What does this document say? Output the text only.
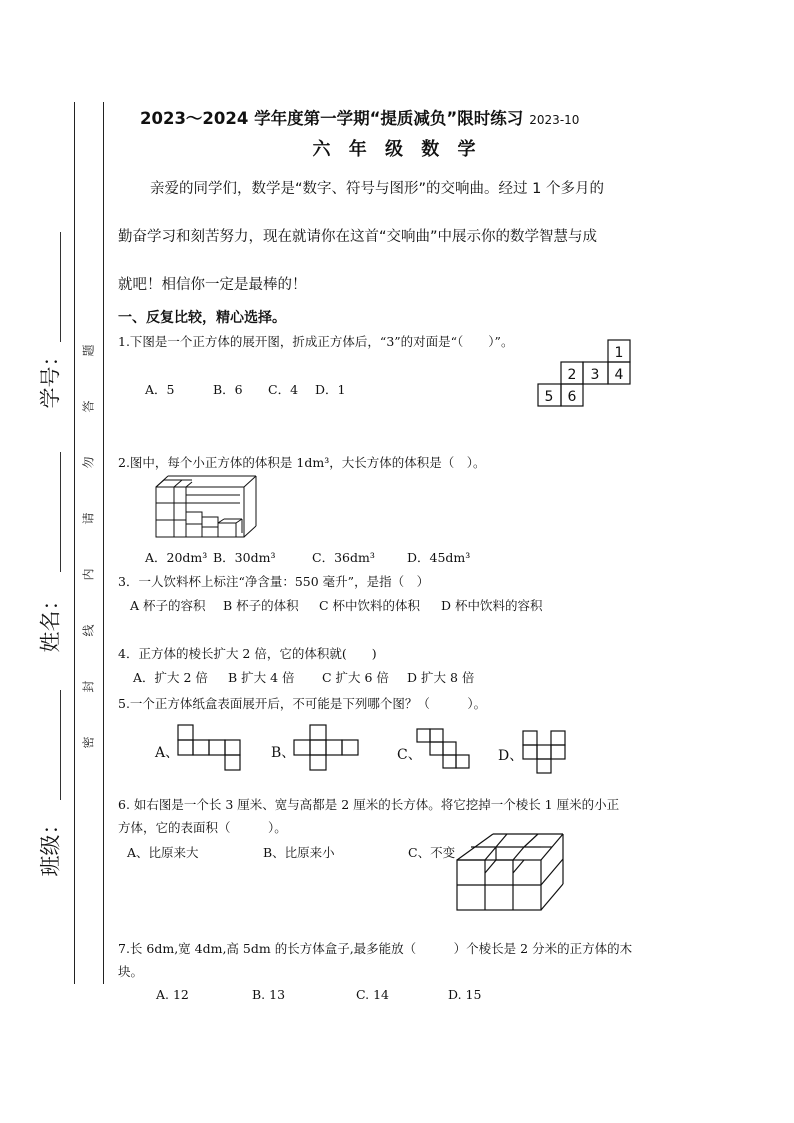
学号：
姓名：
班级：
题
答
勿
请
内
线
封
密
2023～2024 学年度第一学期“提质减负”限时练习 2023-10
六 年 级 数 学
亲爱的同学们，数学是“数字、符号与图形”的交响曲。经过 1 个多月的
勤奋学习和刻苦努力，现在就请你在这首“交响曲”中展示你的数学智慧与成
就吧！相信你一定是最棒的！
一、反复比较，精心选择。
1.下图是一个正方体的展开图，折成正方体后，“3”的对面是“（　　）”。
A．5	B．6 C．4 D．1
1
2 3 4
5 6
2.图中，每个小正方体的体积是 1dm³，大长方体的体积是（　）。
A．20dm³ B．30dm³	C．36dm³	D．45dm³
3．一人饮料杯上标注“净含量：550 毫升”，是指（　）
A 杯子的容积 B 杯子的体积 C 杯中饮料的体积 D 杯中饮料的容积
4．正方体的棱长扩大 2 倍，它的体积就(　　)
A．扩大 2 倍 B 扩大 4 倍 C 扩大 6 倍 D 扩大 8 倍
5.一个正方体纸盒表面展开后，不可能是下列哪个图？（　　　）。
A、	B、	C、	D、
6. 如右图是一个长 3 厘米、宽与高都是 2 厘米的长方体。将它挖掉一个棱长 1 厘米的小正
方体，它的表面积（　　　）。
A、比原来大	B、比原来小	C、不变
7.长 6dm,宽 4dm,高 5dm 的长方体盒子,最多能放（　　　）个棱长是 2 分米的正方体的木
块。
A. 12	B. 13	C. 14	D. 15
